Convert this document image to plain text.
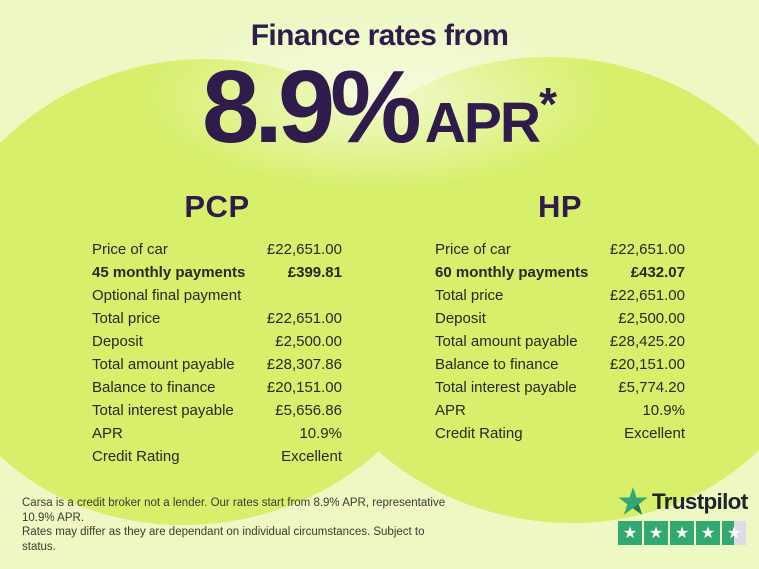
Finance rates from
8.9% APR *
PCP
Price of car	£22,651.00
45 monthly payments	£399.81
Optional final payment
Total price	£22,651.00
Deposit	£2,500.00
Total amount payable £28,307.86
Balance to finance	£20,151.00
Total interest payable	£5,656.86
APR	10.9%
Credit Rating	Excellent
HP
Price of car	£22,651.00
60 monthly payments	£432.07
Total price	£22,651.00
Deposit	£2,500.00
Total amount payable £28,425.20
Balance to finance	£20,151.00
Total interest payable	£5,774.20
APR	10.9%
Credit Rating	Excellent
Carsa is a credit broker not a lender. Our rates start from 8.9% APR, representative 10.9% APR.
Rates may differ as they are dependant on individual circumstances. Subject to status.
Trustpilot
★ ★ ★ ★ ★
